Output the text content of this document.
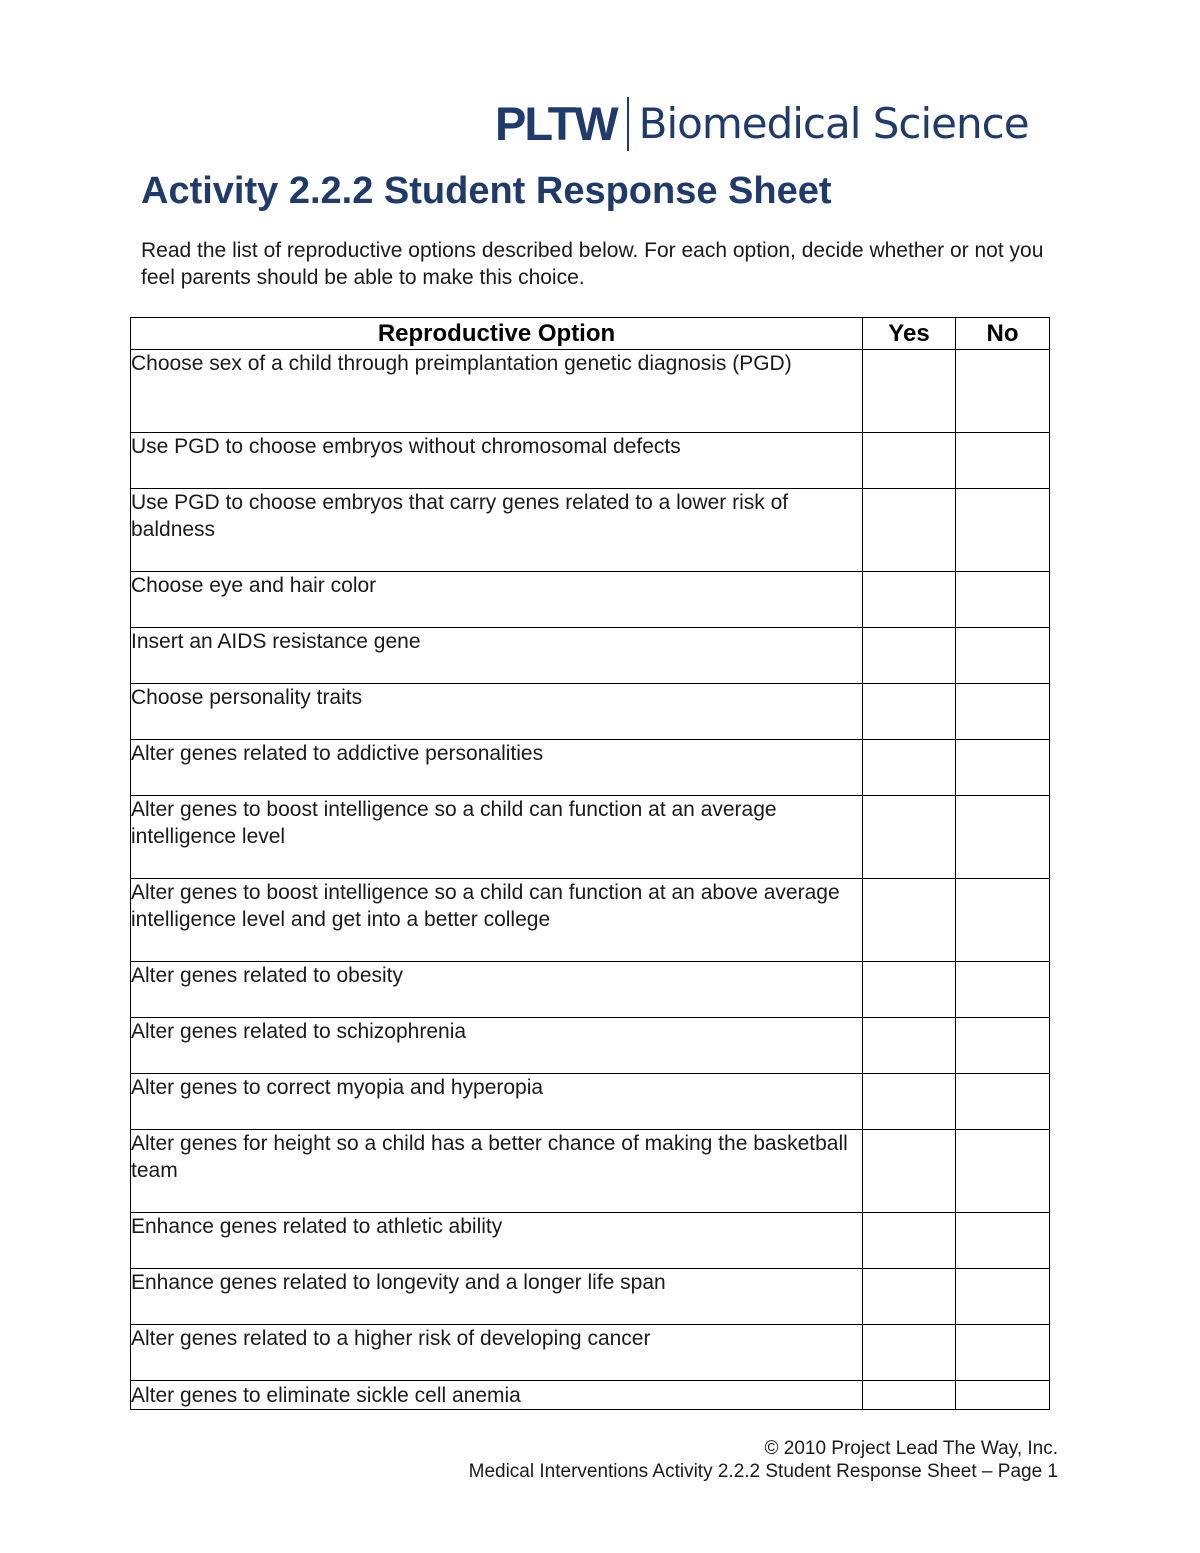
PLTW Biomedical Science
Activity 2.2.2 Student Response Sheet

Read the list of reproductive options described below. For each option, decide whether or not you feel parents should be able to make this choice.

Reproductive Option	Yes	No
Choose sex of a child through preimplantation genetic diagnosis (PGD)		
Use PGD to choose embryos without chromosomal defects		
Use PGD to choose embryos that carry genes related to a lower risk of baldness		
Choose eye and hair color		
Insert an AIDS resistance gene		
Choose personality traits		
Alter genes related to addictive personalities		
Alter genes to boost intelligence so a child can function at an average intelligence level		
Alter genes to boost intelligence so a child can function at an above average intelligence level and get into a better college		
Alter genes related to obesity		
Alter genes related to schizophrenia		
Alter genes to correct myopia and hyperopia		
Alter genes for height so a child has a better chance of making the basketball team		
Enhance genes related to athletic ability		
Enhance genes related to longevity and a longer life span		
Alter genes related to a higher risk of developing cancer		
Alter genes to eliminate sickle cell anemia		
© 2010 Project Lead The Way, Inc.
Medical Interventions Activity 2.2.2 Student Response Sheet – Page 1
